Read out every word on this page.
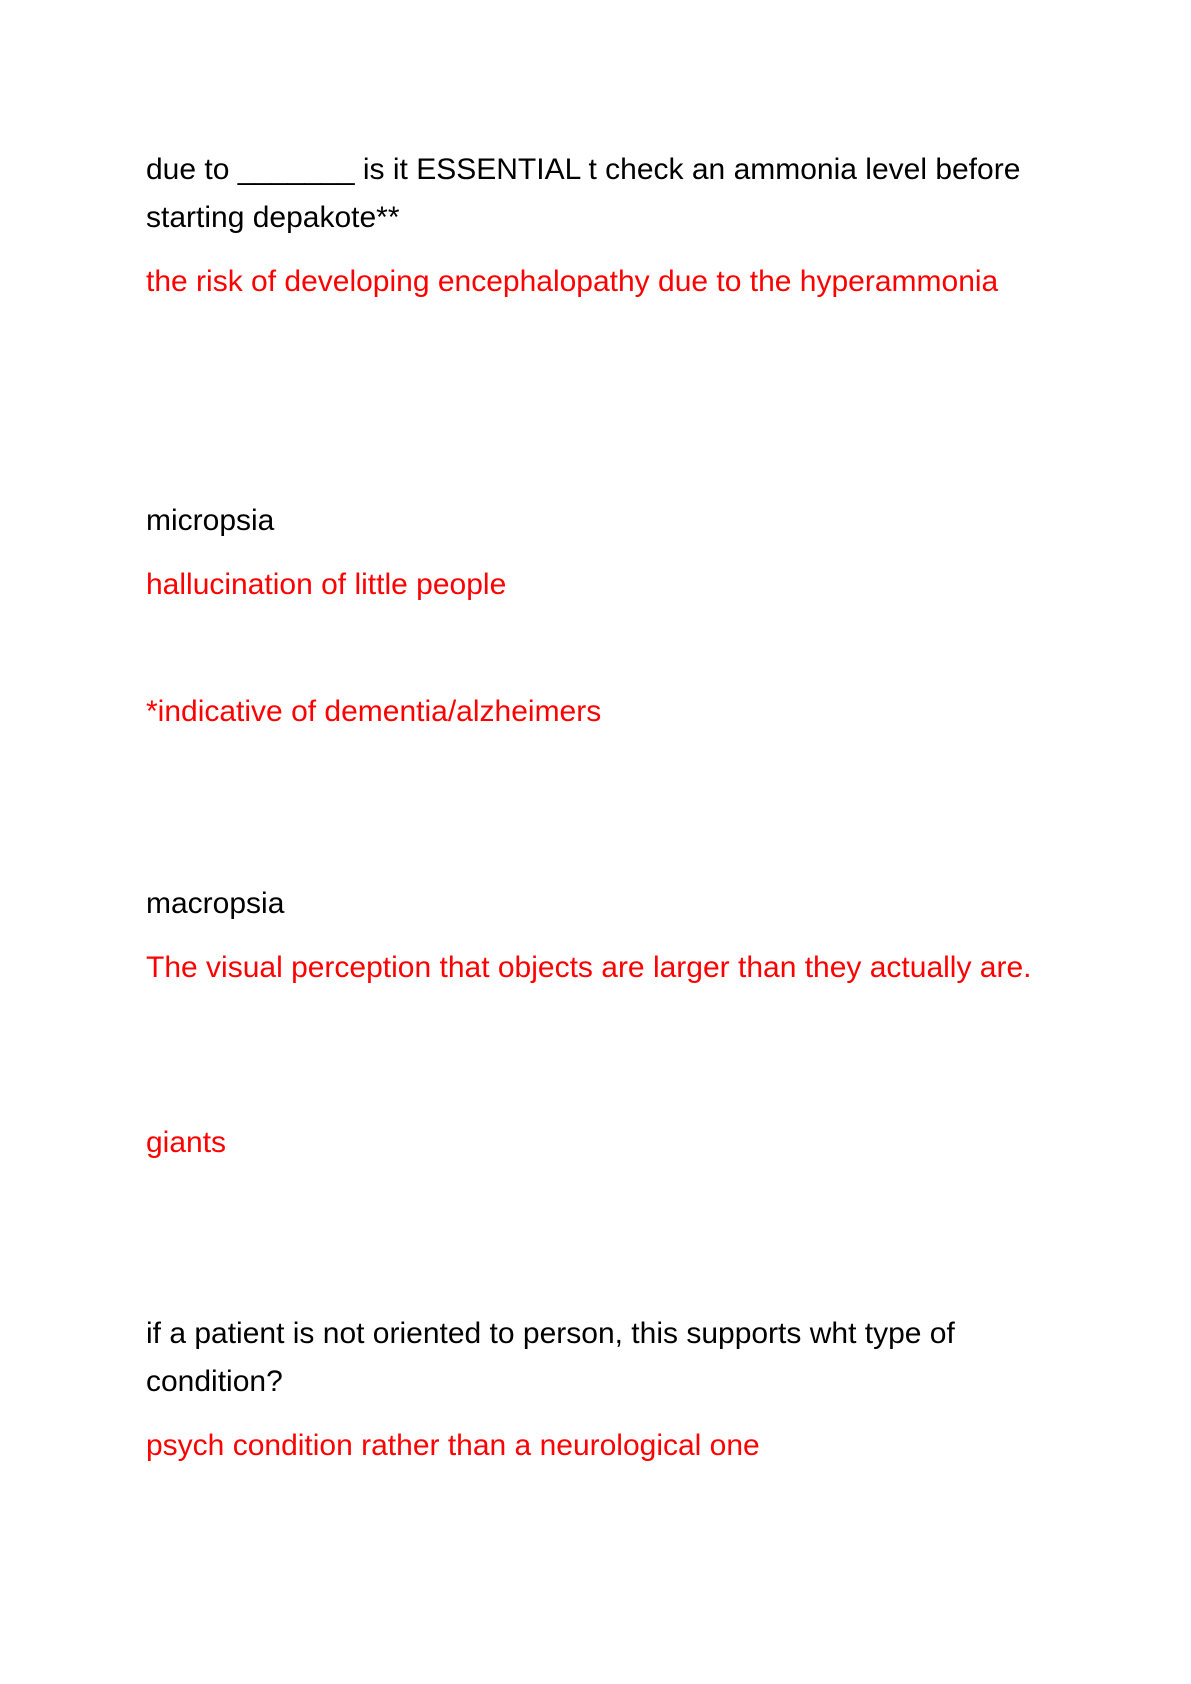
due to _______ is it ESSENTIAL t check an ammonia level before starting depakote**

the risk of developing encephalopathy due to the hyperammonia

micropsia

hallucination of little people

*indicative of dementia/alzheimers

macropsia

The visual perception that objects are larger than they actually are.

giants

if a patient is not oriented to person, this supports wht type of condition?

psych condition rather than a neurological one
